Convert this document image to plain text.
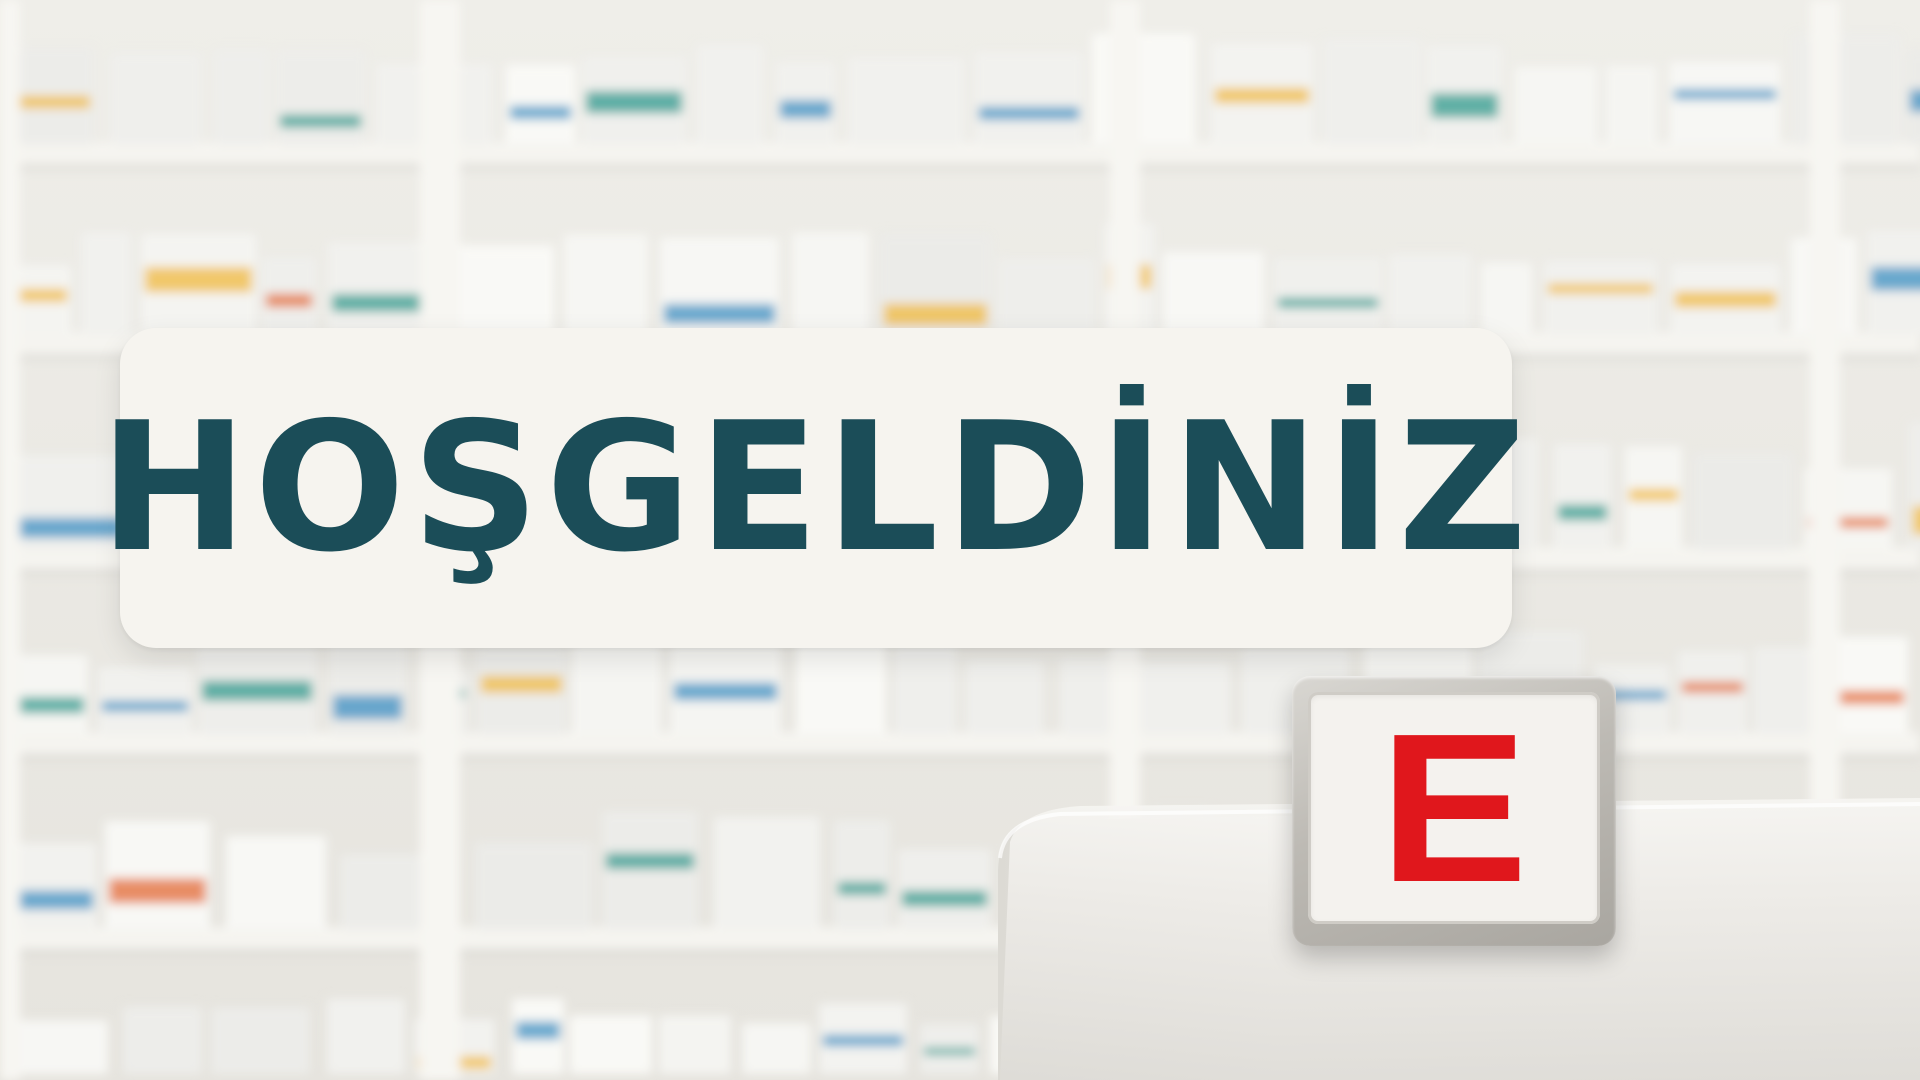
HOŞGELDİNİZ
E
